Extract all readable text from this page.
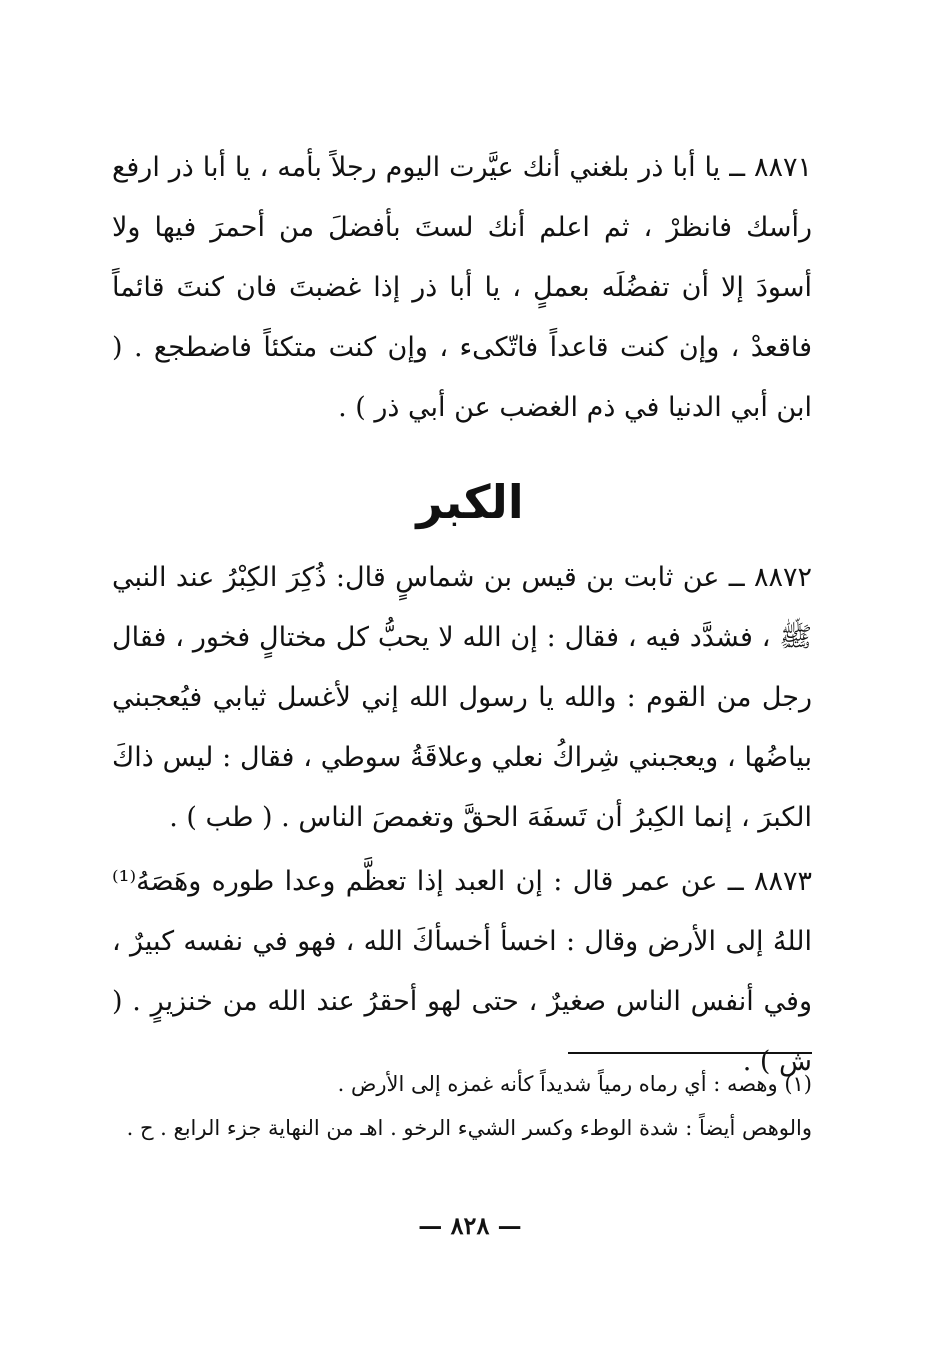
٨٨٧١ ــ يا أبا ذر بلغني أنك عيَّرت اليوم رجلاً بأمه ، يا أبا ذر ارفع رأسك فانظرْ ، ثم اعلم أنك لستَ بأفضلَ من أحمرَ فيها ولا أسودَ إلا أن تفضُلَه بعملٍ ، يا أبا ذر إذا غضبتَ فان كنتَ قائماً فاقعدْ ، وإن كنت قاعداً فاتّكىء ، وإن كنت متكئاً فاضطجع . ( ابن أبي الدنيا في ذم الغضب عن أبي ذر ) .

الكبر

٨٨٧٢ ــ عن ثابت بن قيس بن شماسٍ قال: ذُكِرَ الكِبْرُ عند النبي ﷺ ، فشدَّد فيه ، فقال : إن الله لا يحبُّ كل مختالٍ فخور ، فقال رجل من القوم : والله يا رسول الله إني لأغسل ثيابي فيُعجبني بياضُها ، ويعجبني شِراكُ نعلي وعلاقَةُ سوطي ، فقال : ليس ذاكَ الكبرَ ، إنما الكِبرُ أن تَسفَهَ الحقَّ وتغمصَ الناس . ( طب ) .

٨٨٧٣ ــ عن عمر قال : إن العبد إذا تعظَّم وعدا طوره وهَصَهُ⁽¹⁾ اللهُ إلى الأرض وقال : اخسأ أخسأكَ الله ، فهو في نفسه كبيرٌ ، وفي أنفس الناس صغيرٌ ، حتى لهو أحقرُ عند الله من خنزيرٍ . ( ش ) .

(١) وهصه : أي رماه رمياً شديداً كأنه غمزه إلى الأرض .

والوهص أيضاً : شدة الوطء وكسر الشيء الرخو . اهـ من النهاية جزء الرابع . ح .

— ٨٢٨ —
